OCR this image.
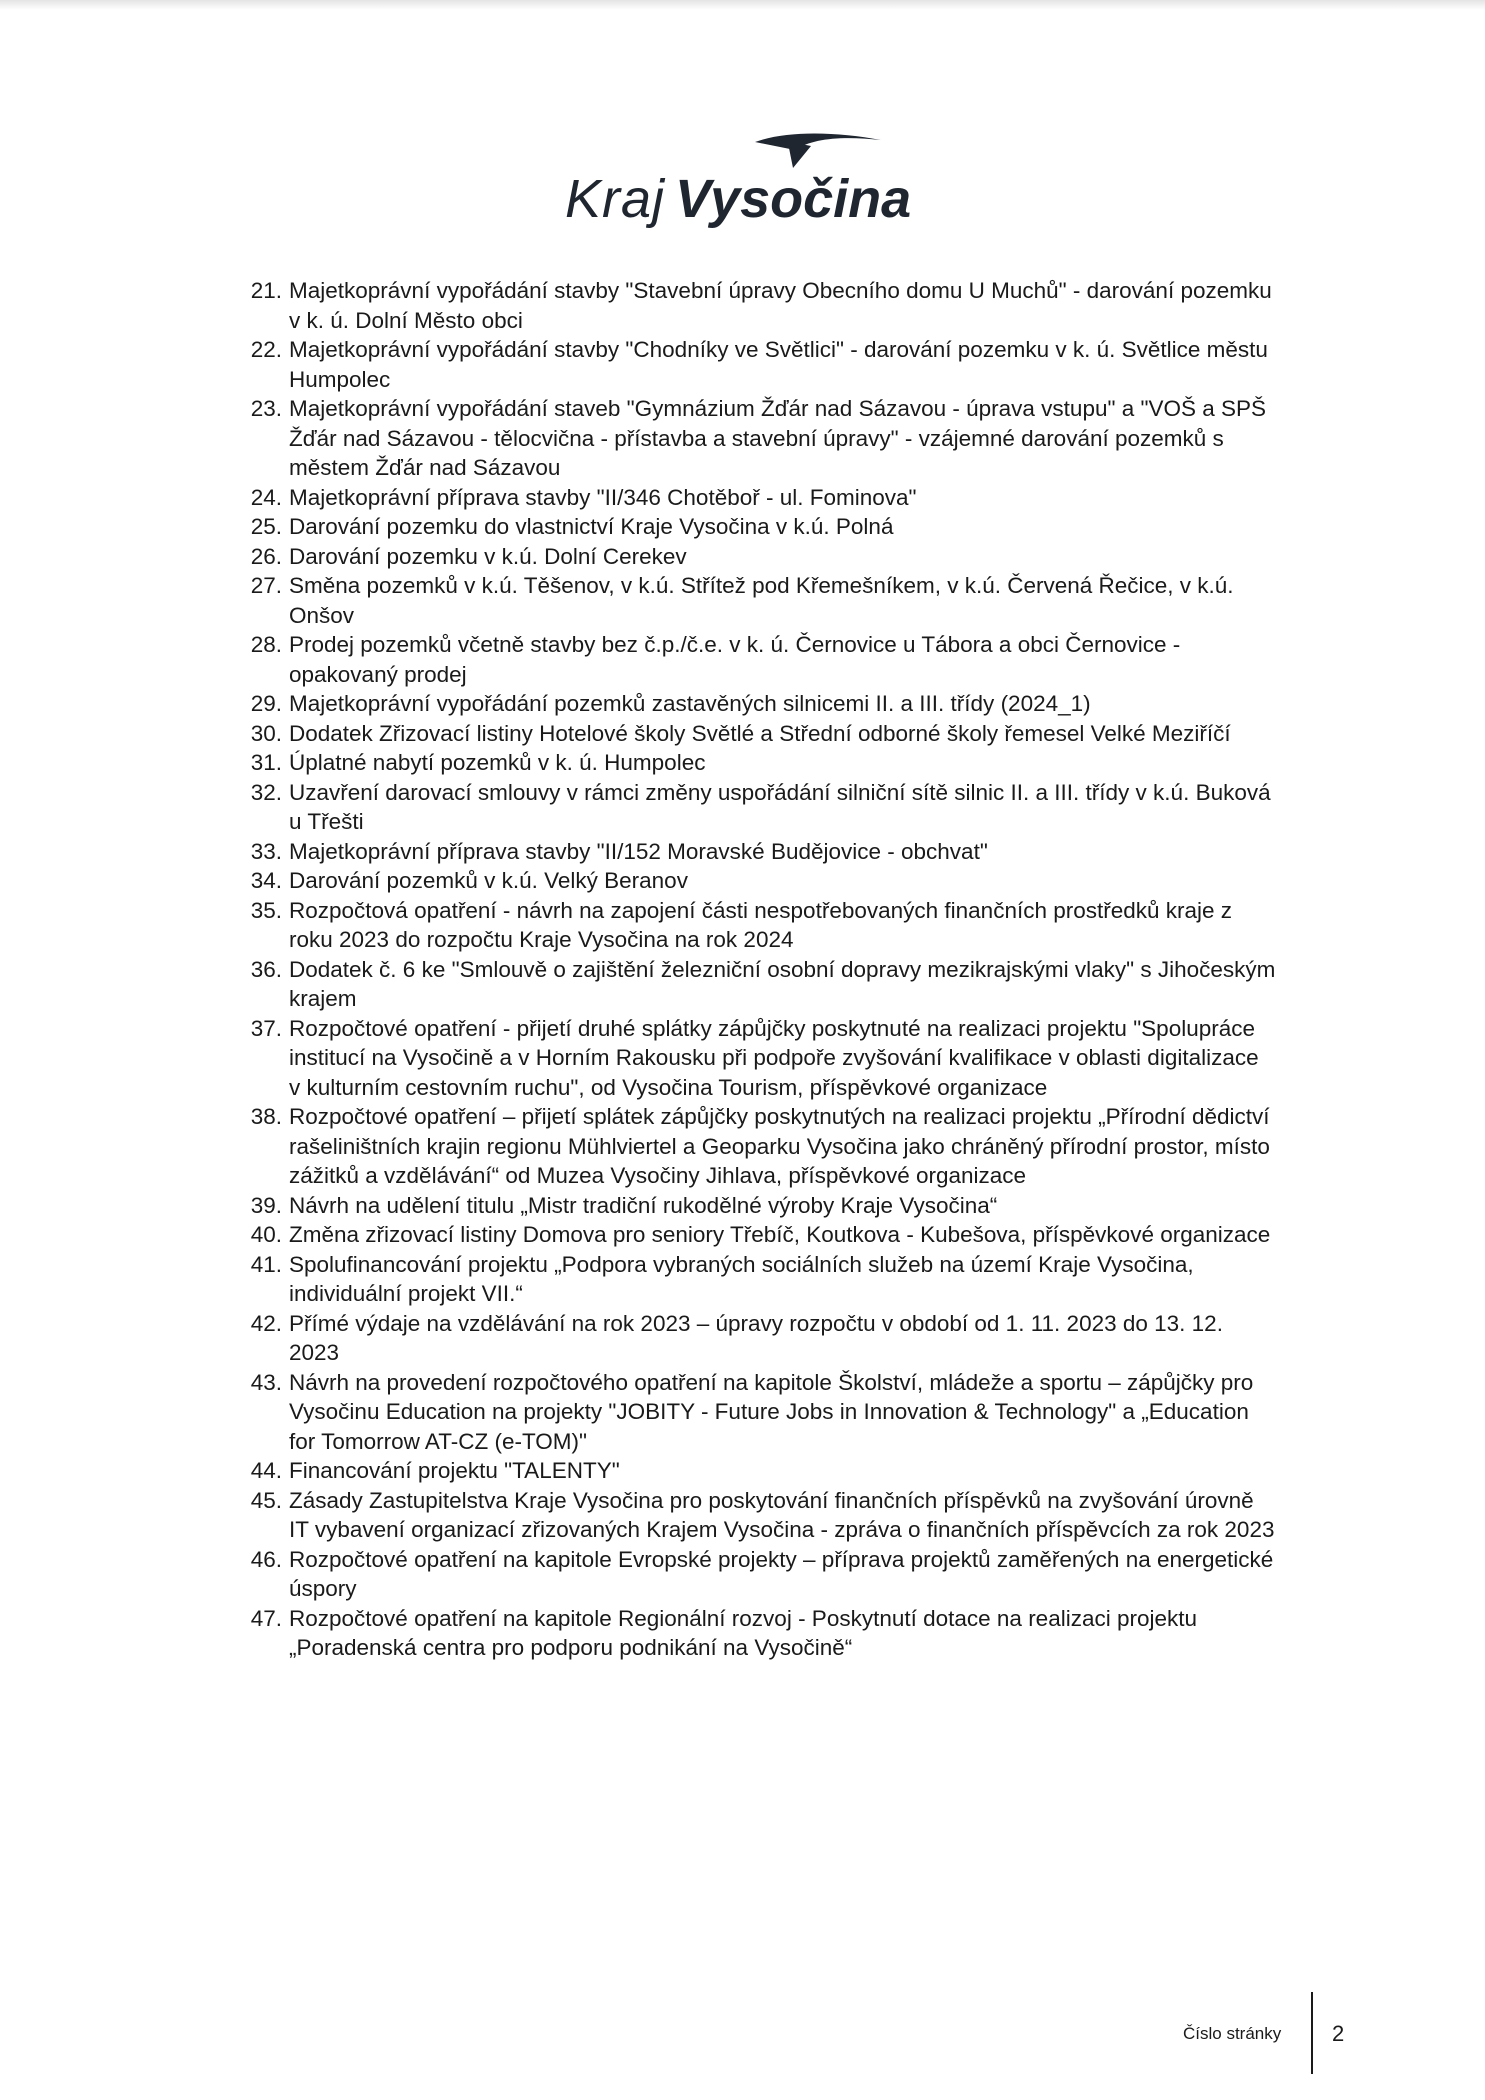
Kraj Vysočina
21. Majetkoprávní vypořádání stavby "Stavební úpravy Obecního domu U Muchů" - darování pozemku v k. ú. Dolní Město obci
22. Majetkoprávní vypořádání stavby "Chodníky ve Světlici" - darování pozemku v k. ú. Světlice městu Humpolec
23. Majetkoprávní vypořádání staveb "Gymnázium Žďár nad Sázavou - úprava vstupu" a "VOŠ a SPŠ Žďár nad Sázavou - tělocvična - přístavba a stavební úpravy" - vzájemné darování pozemků s městem Žďár nad Sázavou
24. Majetkoprávní příprava stavby "II/346 Chotěboř - ul. Fominova"
25. Darování pozemku do vlastnictví Kraje Vysočina v k.ú. Polná
26. Darování pozemku v k.ú. Dolní Cerekev
27. Směna pozemků v k.ú. Těšenov, v k.ú. Střítež pod Křemešníkem, v k.ú. Červená Řečice, v k.ú. Onšov
28. Prodej pozemků včetně stavby bez č.p./č.e. v k. ú. Černovice u Tábora a obci Černovice - opakovaný prodej
29. Majetkoprávní vypořádání pozemků zastavěných silnicemi II. a III. třídy (2024_1)
30. Dodatek Zřizovací listiny Hotelové školy Světlé a Střední odborné školy řemesel Velké Meziříčí
31. Úplatné nabytí pozemků v k. ú. Humpolec
32. Uzavření darovací smlouvy v rámci změny uspořádání silniční sítě silnic II. a III. třídy v k.ú. Buková u Třešti
33. Majetkoprávní příprava stavby "II/152 Moravské Budějovice - obchvat"
34. Darování pozemků v k.ú. Velký Beranov
35. Rozpočtová opatření - návrh na zapojení části nespotřebovaných finančních prostředků kraje z roku 2023 do rozpočtu Kraje Vysočina na rok 2024
36. Dodatek č. 6 ke "Smlouvě o zajištění železniční osobní dopravy mezikrajskými vlaky" s Jihočeským krajem
37. Rozpočtové opatření - přijetí druhé splátky zápůjčky poskytnuté na realizaci projektu "Spolupráce institucí na Vysočině a v Horním Rakousku při podpoře zvyšování kvalifikace v oblasti digitalizace v kulturním cestovním ruchu", od Vysočina Tourism, příspěvkové organizace
38. Rozpočtové opatření – přijetí splátek zápůjčky poskytnutých na realizaci projektu „Přírodní dědictví rašeliništních krajin regionu Mühlviertel a Geoparku Vysočina jako chráněný přírodní prostor, místo zážitků a vzdělávání“ od Muzea Vysočiny Jihlava, příspěvkové organizace
39. Návrh na udělení titulu „Mistr tradiční rukodělné výroby Kraje Vysočina“
40. Změna zřizovací listiny Domova pro seniory Třebíč, Koutkova - Kubešova, příspěvkové organizace
41. Spolufinancování projektu „Podpora vybraných sociálních služeb na území Kraje Vysočina, individuální projekt VII.“
42. Přímé výdaje na vzdělávání na rok 2023 – úpravy rozpočtu v období od 1. 11. 2023 do 13. 12. 2023
43. Návrh na provedení rozpočtového opatření na kapitole Školství, mládeže a sportu – zápůjčky pro Vysočinu Education na projekty "JOBITY - Future Jobs in Innovation & Technology" a „Education for Tomorrow AT-CZ (e-TOM)"
44. Financování projektu "TALENTY"
45. Zásady Zastupitelstva Kraje Vysočina pro poskytování finančních příspěvků na zvyšování úrovně IT vybavení organizací zřizovaných Krajem Vysočina - zpráva o finančních příspěvcích za rok 2023
46. Rozpočtové opatření na kapitole Evropské projekty – příprava projektů zaměřených na energetické úspory
47. Rozpočtové opatření na kapitole Regionální rozvoj - Poskytnutí dotace na realizaci projektu „Poradenská centra pro podporu podnikání na Vysočině“
Číslo stránky 2
